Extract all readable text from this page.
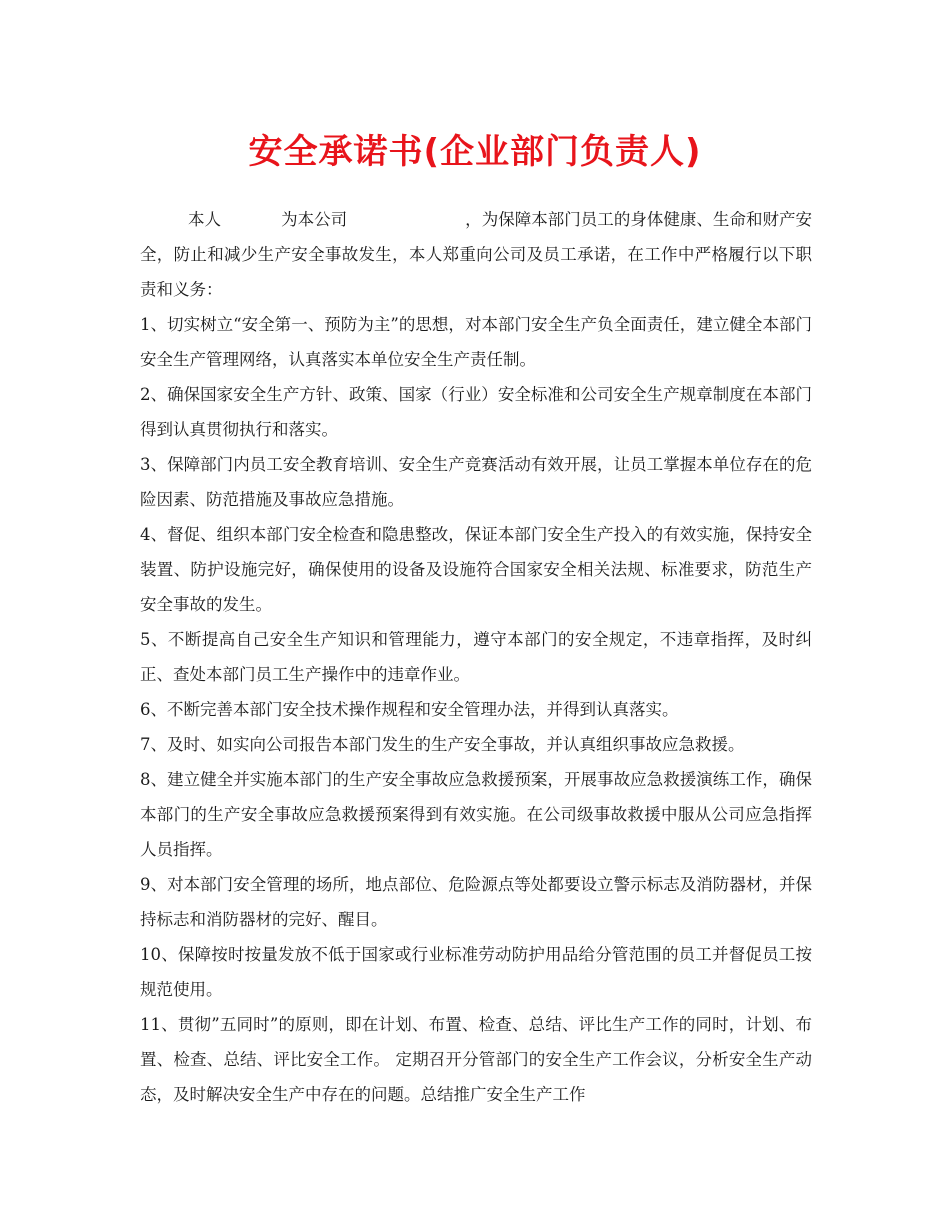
安全承诺书(企业部门负责人)

本人	为本公司	，为保障本部门员工的身体健康、生命和财产安全，防止和减少生产安全事故发生，本人郑重向公司及员工承诺，在工作中严格履行以下职责和义务：

1、切实树立“安全第一、预防为主”的思想，对本部门安全生产负全面责任，建立健全本部门安全生产管理网络，认真落实本单位安全生产责任制。

2、确保国家安全生产方针、政策、国家（行业）安全标准和公司安全生产规章制度在本部门得到认真贯彻执行和落实。

3、保障部门内员工安全教育培训、安全生产竞赛活动有效开展，让员工掌握本单位存在的危险因素、防范措施及事故应急措施。

4、督促、组织本部门安全检查和隐患整改，保证本部门安全生产投入的有效实施，保持安全装置、防护设施完好，确保使用的设备及设施符合国家安全相关法规、标准要求，防范生产安全事故的发生。

5、不断提高自己安全生产知识和管理能力，遵守本部门的安全规定，不违章指挥，及时纠正、查处本部门员工生产操作中的违章作业。

6、不断完善本部门安全技术操作规程和安全管理办法，并得到认真落实。

7、及时、如实向公司报告本部门发生的生产安全事故，并认真组织事故应急救援。

8、建立健全并实施本部门的生产安全事故应急救援预案，开展事故应急救援演练工作，确保本部门的生产安全事故应急救援预案得到有效实施。在公司级事故救援中服从公司应急指挥人员指挥。

9、对本部门安全管理的场所，地点部位、危险源点等处都要设立警示标志及消防器材，并保持标志和消防器材的完好、醒目。

10、保障按时按量发放不低于国家或行业标准劳动防护用品给分管范围的员工并督促员工按规范使用。

11、贯彻”五同时”的原则，即在计划、布置、检查、总结、评比生产工作的同时，计划、布置、检查、总结、评比安全工作。 定期召开分管部门的安全生产工作会议，分析安全生产动态，及时解决安全生产中存在的问题。总结推广安全生产工作
